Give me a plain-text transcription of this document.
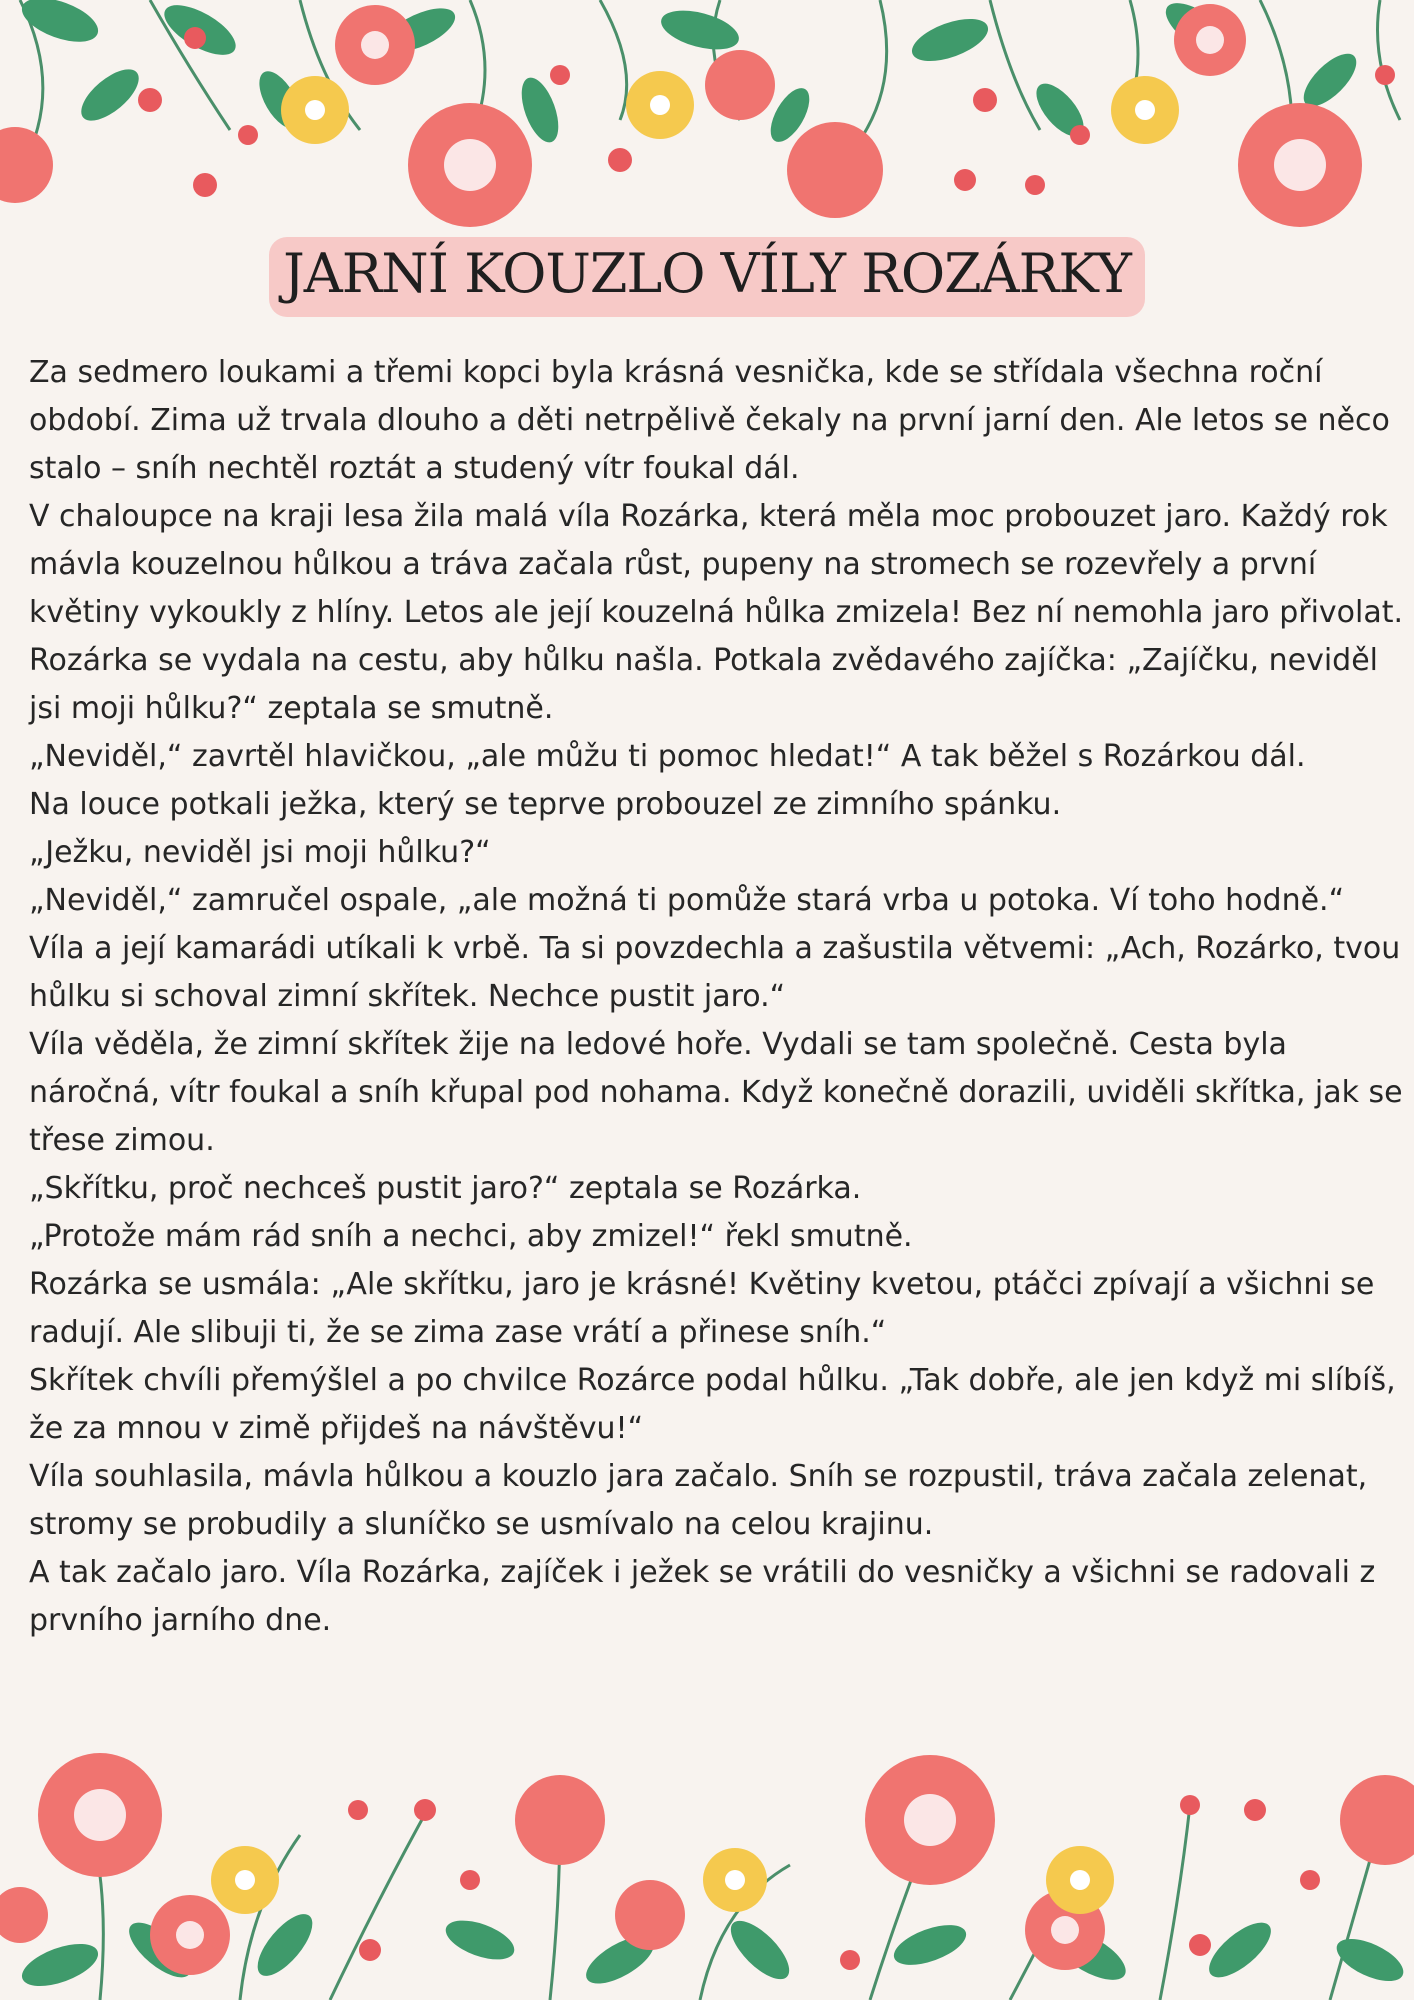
JARNÍ KOUZLO VÍLY ROZÁRKY

Za sedmero loukami a třemi kopci byla krásná vesnička, kde se střídala všechna roční období. Zima už trvala dlouho a děti netrpělivě čekaly na první jarní den. Ale letos se něco stalo – sníh nechtěl roztát a studený vítr foukal dál.

V chaloupce na kraji lesa žila malá víla Rozárka, která měla moc probouzet jaro. Každý rok mávla kouzelnou hůlkou a tráva začala růst, pupeny na stromech se rozevřely a první květiny vykoukly z hlíny. Letos ale její kouzelná hůlka zmizela! Bez ní nemohla jaro přivolat.

Rozárka se vydala na cestu, aby hůlku našla. Potkala zvědavého zajíčka: „Zajíčku, neviděl jsi moji hůlku?“ zeptala se smutně.

„Neviděl,“ zavrtěl hlavičkou, „ale můžu ti pomoc hledat!“ A tak běžel s Rozárkou dál.

Na louce potkali ježka, který se teprve probouzel ze zimního spánku.

„Ježku, neviděl jsi moji hůlku?“

„Neviděl,“ zamručel ospale, „ale možná ti pomůže stará vrba u potoka. Ví toho hodně.“

Víla a její kamarádi utíkali k vrbě. Ta si povzdechla a zašustila větvemi: „Ach, Rozárko, tvou hůlku si schoval zimní skřítek. Nechce pustit jaro.“

Víla věděla, že zimní skřítek žije na ledové hoře. Vydali se tam společně. Cesta byla náročná, vítr foukal a sníh křupal pod nohama. Když konečně dorazili, uviděli skřítka, jak se třese zimou.

„Skřítku, proč nechceš pustit jaro?“ zeptala se Rozárka.

„Protože mám rád sníh a nechci, aby zmizel!“ řekl smutně.

Rozárka se usmála: „Ale skřítku, jaro je krásné! Květiny kvetou, ptáčci zpívají a všichni se radují. Ale slibuji ti, že se zima zase vrátí a přinese sníh.“

Skřítek chvíli přemýšlel a po chvilce Rozárce podal hůlku. „Tak dobře, ale jen když mi slíbíš, že za mnou v zimě přijdeš na návštěvu!“

Víla souhlasila, mávla hůlkou a kouzlo jara začalo. Sníh se rozpustil, tráva začala zelenat, stromy se probudily a sluníčko se usmívalo na celou krajinu.

A tak začalo jaro. Víla Rozárka, zajíček i ježek se vrátili do vesničky a všichni se radovali z prvního jarního dne.
